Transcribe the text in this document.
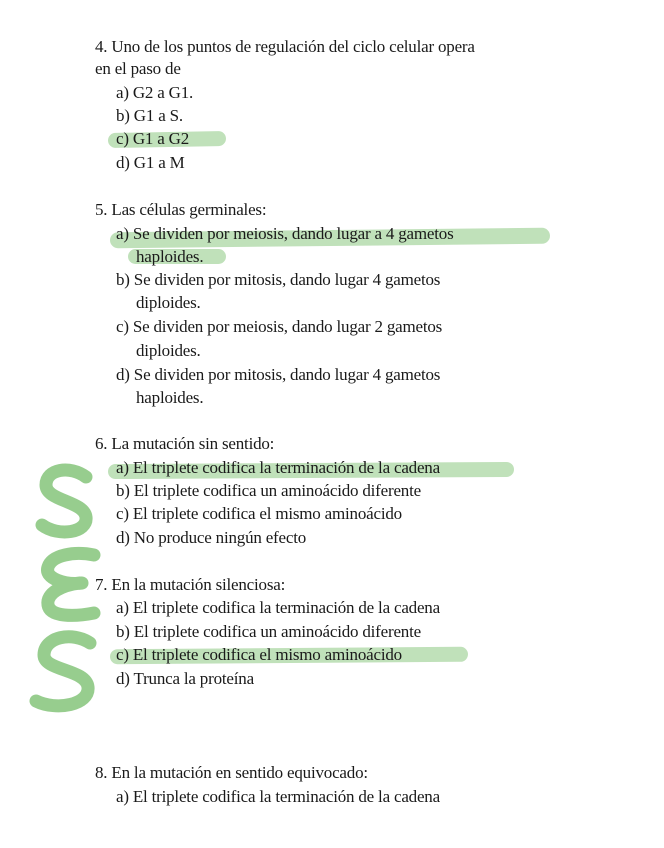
4. Uno de los puntos de regulación del ciclo celular opera
en el paso de
a) G2 a G1.
b) G1 a S.
c) G1 a G2
d) G1 a M
5. Las células germinales:
a) Se dividen por meiosis, dando lugar a 4 gametos
haploides.
b) Se dividen por mitosis, dando lugar 4 gametos
diploides.
c) Se dividen por meiosis, dando lugar 2 gametos
diploides.
d) Se dividen por mitosis, dando lugar 4 gametos
haploides.
6. La mutación sin sentido:
a) El triplete codifica la terminación de la cadena
b) El triplete codifica un aminoácido diferente
c) El triplete codifica el mismo aminoácido
d) No produce ningún efecto
7. En la mutación silenciosa:
a) El triplete codifica la terminación de la cadena
b) El triplete codifica un aminoácido diferente
c) El triplete codifica el mismo aminoácido
d) Trunca la proteína
8. En la mutación en sentido equivocado:
a) El triplete codifica la terminación de la cadena
